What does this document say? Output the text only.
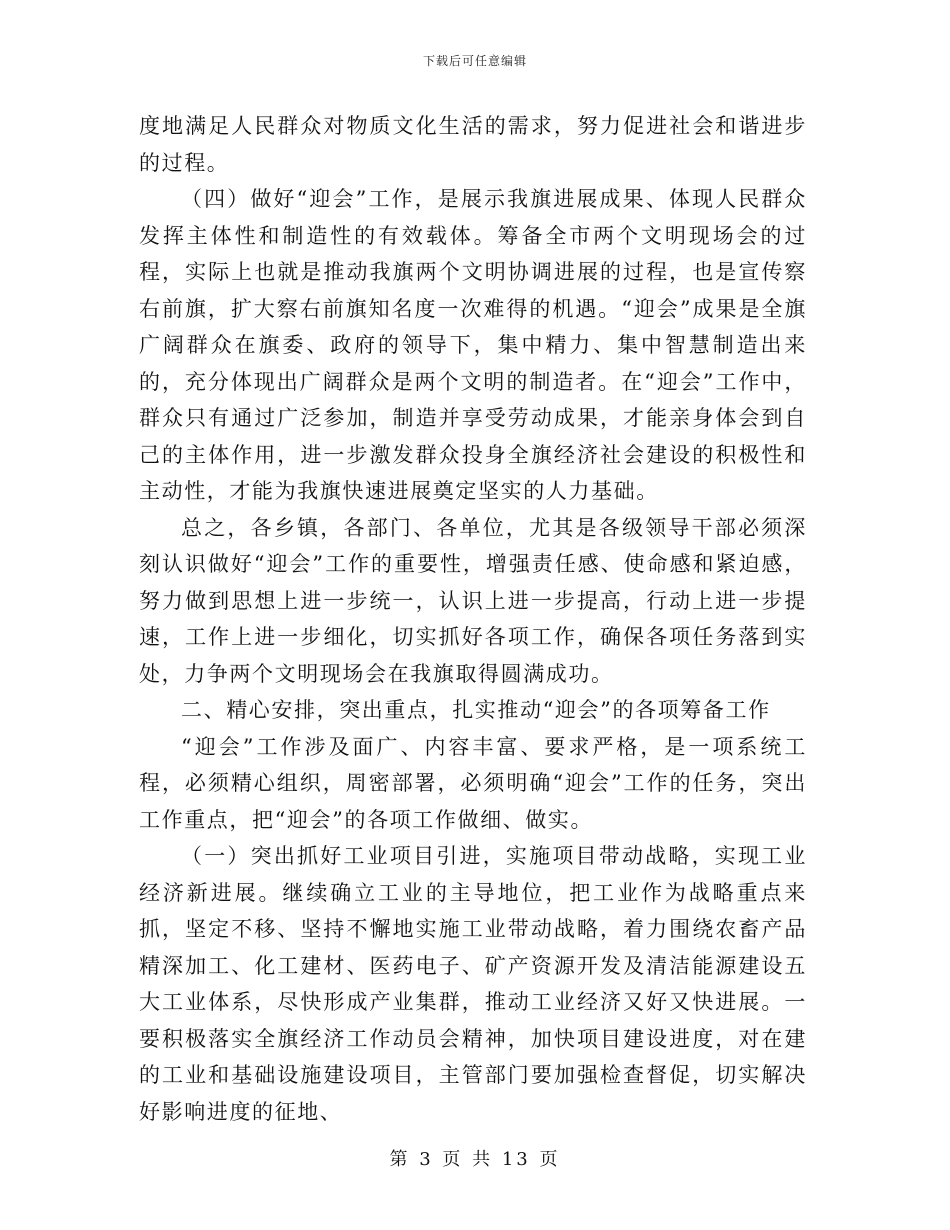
下载后可任意编辑

度地满足人民群众对物质文化生活的需求，努力促进社会和谐进步的过程。

（四）做好“迎会”工作，是展示我旗进展成果、体现人民群众发挥主体性和制造性的有效载体。筹备全市两个文明现场会的过程，实际上也就是推动我旗两个文明协调进展的过程，也是宣传察右前旗，扩大察右前旗知名度一次难得的机遇。“迎会”成果是全旗广阔群众在旗委、政府的领导下，集中精力、集中智慧制造出来的，充分体现出广阔群众是两个文明的制造者。在“迎会”工作中，群众只有通过广泛参加，制造并享受劳动成果，才能亲身体会到自己的主体作用，进一步激发群众投身全旗经济社会建设的积极性和主动性，才能为我旗快速进展奠定坚实的人力基础。

总之，各乡镇，各部门、各单位，尤其是各级领导干部必须深刻认识做好“迎会”工作的重要性，增强责任感、使命感和紧迫感，努力做到思想上进一步统一，认识上进一步提高，行动上进一步提速，工作上进一步细化，切实抓好各项工作，确保各项任务落到实处，力争两个文明现场会在我旗取得圆满成功。

二、精心安排，突出重点，扎实推动“迎会”的各项筹备工作

“迎会”工作涉及面广、内容丰富、要求严格，是一项系统工程，必须精心组织，周密部署，必须明确“迎会”工作的任务，突出工作重点，把“迎会”的各项工作做细、做实。

（一）突出抓好工业项目引进，实施项目带动战略，实现工业经济新进展。继续确立工业的主导地位，把工业作为战略重点来抓，坚定不移、坚持不懈地实施工业带动战略，着力围绕农畜产品精深加工、化工建材、医药电子、矿产资源开发及清洁能源建设五大工业体系，尽快形成产业集群，推动工业经济又好又快进展。一要积极落实全旗经济工作动员会精神，加快项目建设进度，对在建的工业和基础设施建设项目，主管部门要加强检查督促，切实解决好影响进度的征地、

第 3 页 共 13 页
